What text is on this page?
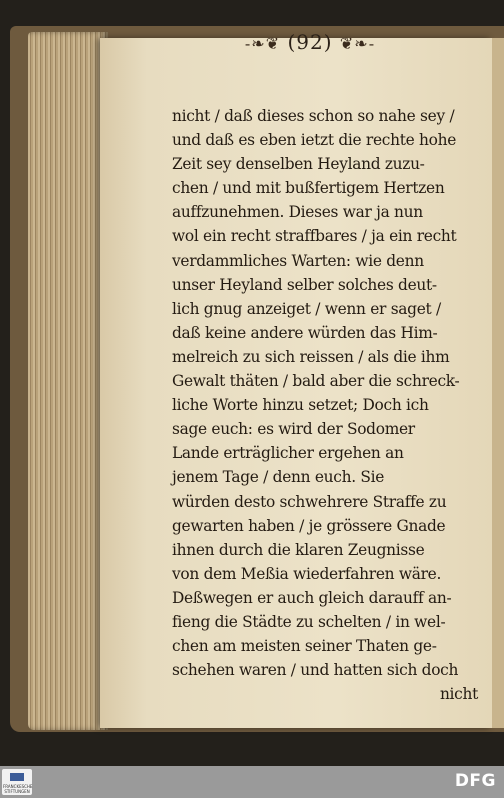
-❧❦ (92) ❦❧-
nicht / daß dieses schon so nahe sey /
und daß es eben ietzt die rechte hohe
Zeit sey denselben Heyland zuzu-
chen / und mit bußfertigem Hertzen
auffzunehmen. Dieses war ja nun
wol ein recht straffbares / ja ein recht
verdammliches Warten: wie denn
unser Heyland selber solches deut-
lich gnug anzeiget / wenn er saget /
daß keine andere würden das Him-
melreich zu sich reissen / als die ihm
Gewalt thäten / bald aber die schreck-
liche Worte hinzu setzet; Doch ich
sage euch: es wird der Sodomer
Lande erträglicher ergehen an
jenem Tage / denn euch. Sie
würden desto schwehrere Straffe zu
gewarten haben / je grössere Gnade
ihnen durch die klaren Zeugnisse
von dem Meßia wiederfahren wäre.
Deßwegen er auch gleich darauff an-
fieng die Städte zu schelten / in wel-
chen am meisten seiner Thaten ge-
schehen waren / und hatten sich doch
nicht
FRANCKESCHE STIFTUNGEN
DFG
